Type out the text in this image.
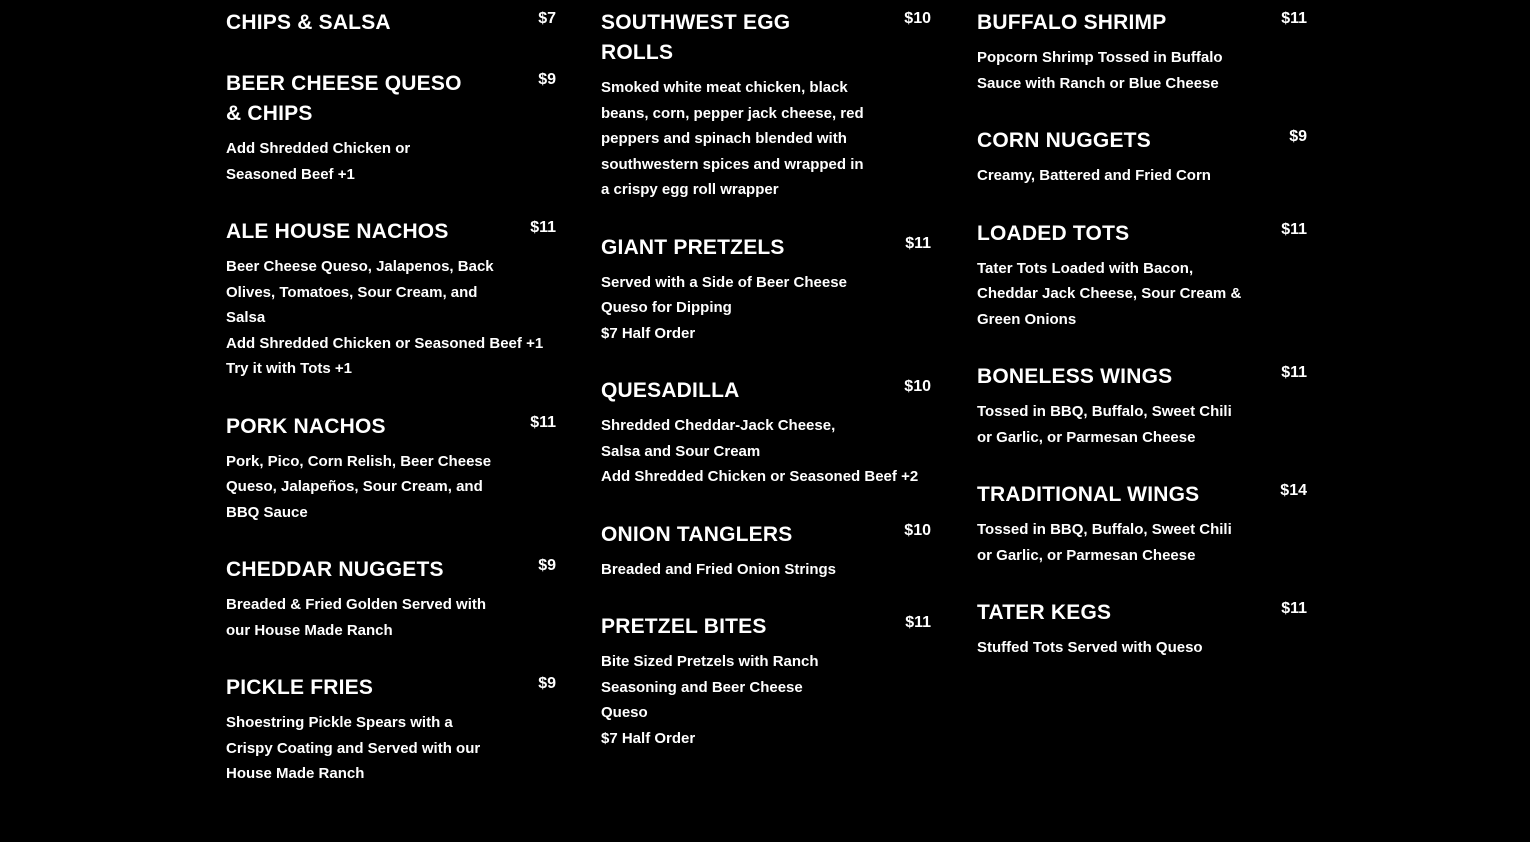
CHIPS & SALSA	$7
BEER CHEESE QUESO & CHIPS
$9
Add Shredded Chicken or Seasoned Beef +1
ALE HOUSE NACHOS	$11
Beer Cheese Queso, Jalapenos, Back Olives, Tomatoes, Sour Cream, and Salsa
Add Shredded Chicken or Seasoned Beef +1
Try it with Tots +1
PORK NACHOS	$11
Pork, Pico, Corn Relish, Beer Cheese Queso, Jalapeños, Sour Cream, and BBQ Sauce
CHEDDAR NUGGETS	$9
Breaded & Fried Golden Served with our House Made Ranch
PICKLE FRIES	$9
Shoestring Pickle Spears with a Crispy Coating and Served with our House Made Ranch
SOUTHWEST EGG ROLLS
$10
Smoked white meat chicken, black beans, corn, pepper jack cheese, red peppers and spinach blended with southwestern spices and wrapped in a crispy egg roll wrapper
GIANT PRETZELS	$11
Served with a Side of Beer Cheese Queso for Dipping
$7 Half Order
QUESADILLA	$10
Shredded Cheddar-Jack Cheese, Salsa and Sour Cream
Add Shredded Chicken or Seasoned Beef +2
ONION TANGLERS	$10
Breaded and Fried Onion Strings
PRETZEL BITES	$11
Bite Sized Pretzels with Ranch Seasoning and Beer Cheese Queso
$7 Half Order
BUFFALO SHRIMP	$11
Popcorn Shrimp Tossed in Buffalo Sauce with Ranch or Blue Cheese
CORN NUGGETS	$9
Creamy, Battered and Fried Corn
LOADED TOTS	$11
Tater Tots Loaded with Bacon, Cheddar Jack Cheese, Sour Cream & Green Onions
BONELESS WINGS	$11
Tossed in BBQ, Buffalo, Sweet Chili or Garlic, or Parmesan Cheese
TRADITIONAL WINGS	$14
Tossed in BBQ, Buffalo, Sweet Chili or Garlic, or Parmesan Cheese
TATER KEGS	$11
Stuffed Tots Served with Queso
